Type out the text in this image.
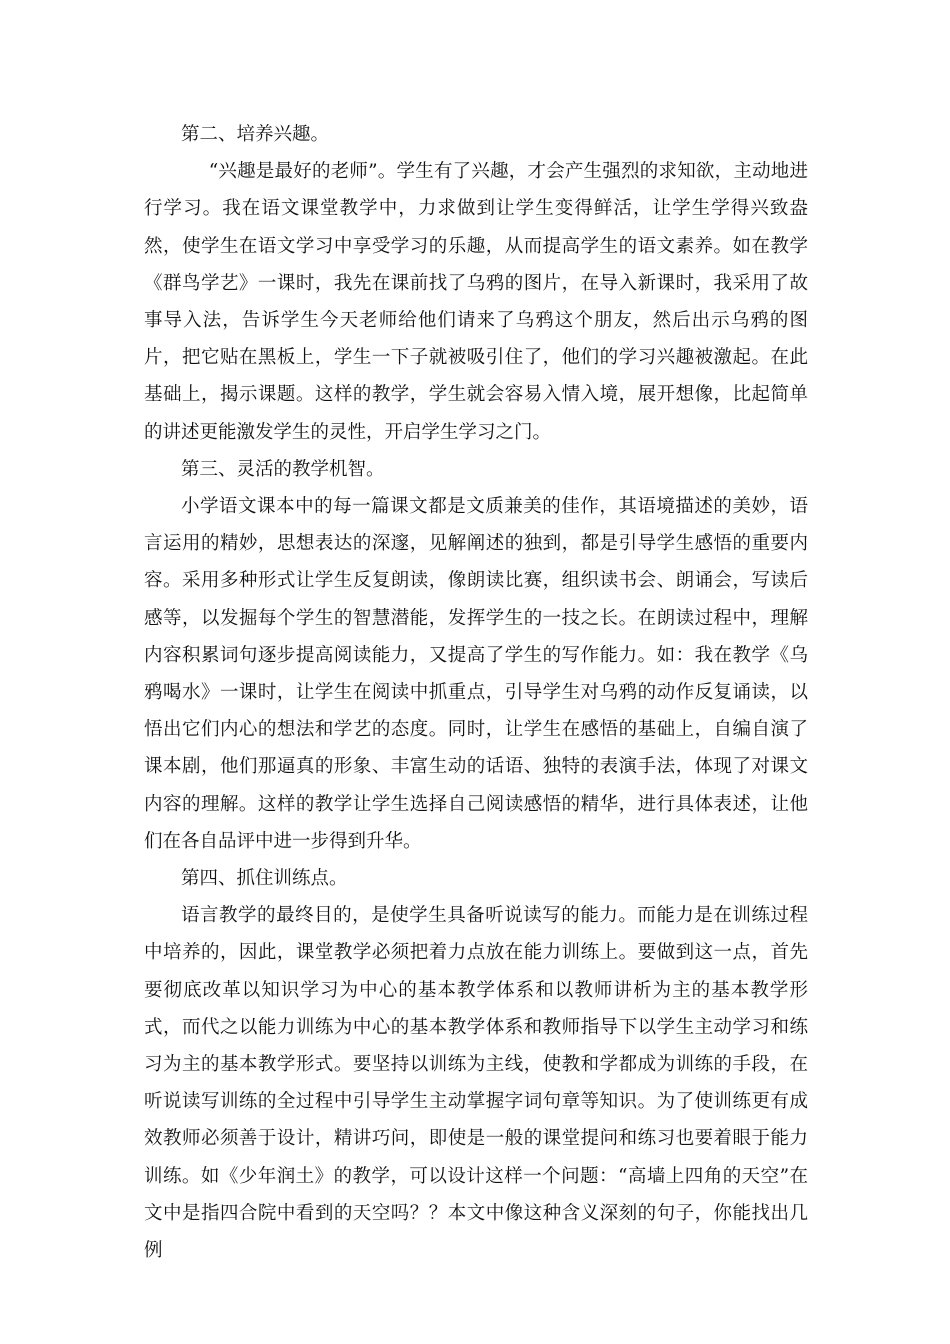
第二、培养兴趣。

“兴趣是最好的老师”。学生有了兴趣，才会产生强烈的求知欲，主动地进行学习。我在语文课堂教学中，力求做到让学生变得鲜活，让学生学得兴致盎然，使学生在语文学习中享受学习的乐趣，从而提高学生的语文素养。如在教学《群鸟学艺》一课时，我先在课前找了乌鸦的图片，在导入新课时，我采用了故事导入法，告诉学生今天老师给他们请来了乌鸦这个朋友，然后出示乌鸦的图片，把它贴在黑板上，学生一下子就被吸引住了，他们的学习兴趣被激起。在此基础上，揭示课题。这样的教学，学生就会容易入情入境，展开想像，比起简单的讲述更能激发学生的灵性，开启学生学习之门。

第三、灵活的教学机智。

小学语文课本中的每一篇课文都是文质兼美的佳作，其语境描述的美妙，语言运用的精妙，思想表达的深邃，见解阐述的独到，都是引导学生感悟的重要内容。采用多种形式让学生反复朗读，像朗读比赛，组织读书会、朗诵会，写读后感等，以发掘每个学生的智慧潜能，发挥学生的一技之长。在朗读过程中，理解内容积累词句逐步提高阅读能力，又提高了学生的写作能力。如：我在教学《乌鸦喝水》一课时，让学生在阅读中抓重点，引导学生对乌鸦的动作反复诵读，以悟出它们内心的想法和学艺的态度。同时，让学生在感悟的基础上，自编自演了课本剧，他们那逼真的形象、丰富生动的话语、独特的表演手法，体现了对课文内容的理解。这样的教学让学生选择自己阅读感悟的精华，进行具体表述，让他们在各自品评中进一步得到升华。

第四、抓住训练点。

语言教学的最终目的，是使学生具备听说读写的能力。而能力是在训练过程中培养的，因此，课堂教学必须把着力点放在能力训练上。要做到这一点，首先要彻底改革以知识学习为中心的基本教学体系和以教师讲析为主的基本教学形式，而代之以能力训练为中心的基本教学体系和教师指导下以学生主动学习和练习为主的基本教学形式。要坚持以训练为主线，使教和学都成为训练的手段，在听说读写训练的全过程中引导学生主动掌握字词句章等知识。为了使训练更有成效教师必须善于设计，精讲巧问，即使是一般的课堂提问和练习也要着眼于能力训练。如《少年润土》的教学，可以设计这样一个问题：“高墙上四角的天空”在文中是指四合院中看到的天空吗？？本文中像这种含义深刻的句子，你能找出几例
